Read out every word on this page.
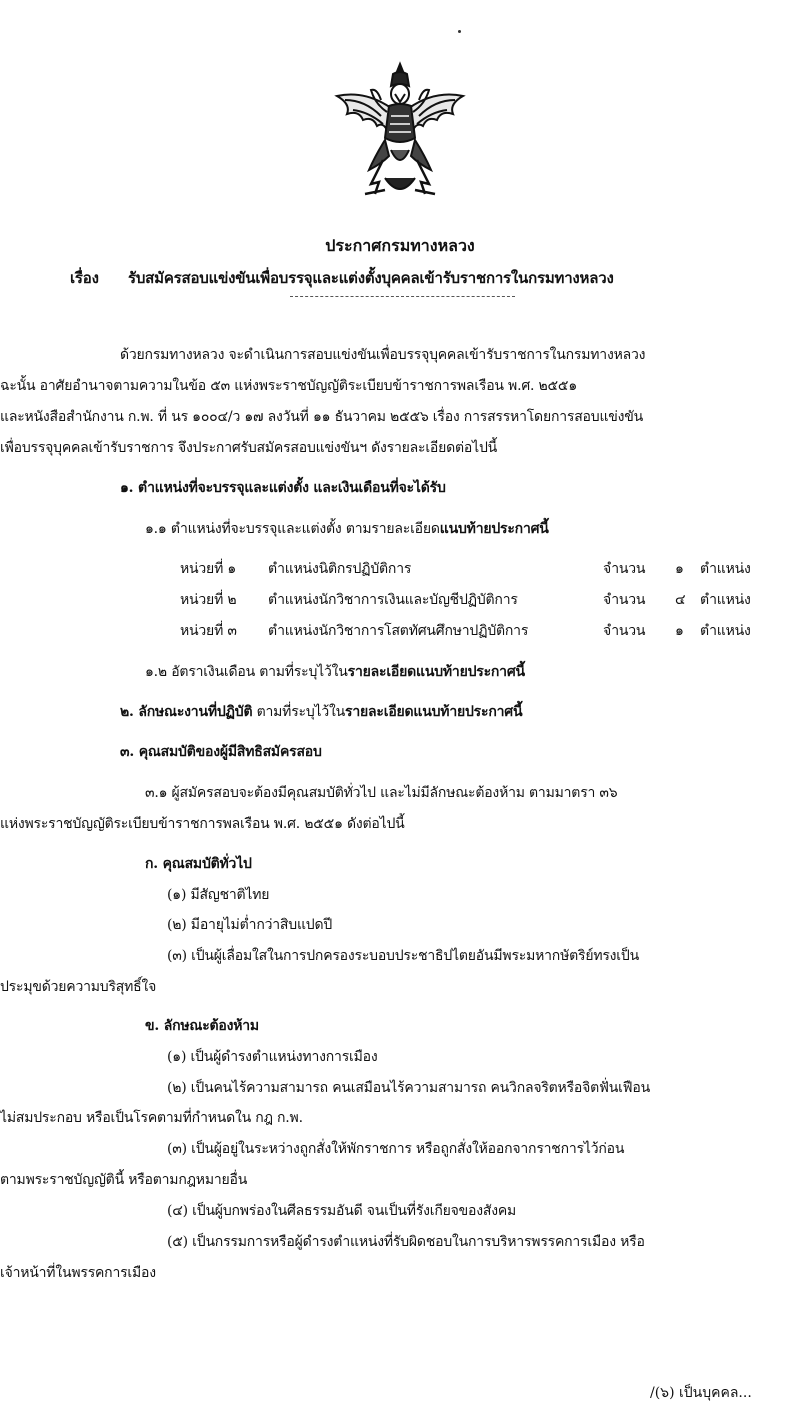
ประกาศกรมทางหลวง
เรื่อง รับสมัครสอบแข่งขันเพื่อบรรจุและแต่งตั้งบุคคลเข้ารับราชการในกรมทางหลวง
ด้วยกรมทางหลวง จะดำเนินการสอบแข่งขันเพื่อบรรจุบุคคลเข้ารับราชการในกรมทางหลวง
ฉะนั้น อาศัยอำนาจตามความในข้อ ๕๓ แห่งพระราชบัญญัติระเบียบข้าราชการพลเรือน พ.ศ. ๒๕๕๑
และหนังสือสำนักงาน ก.พ. ที่ นร ๑๐๐๔/ว ๑๗ ลงวันที่ ๑๑ ธันวาคม ๒๕๕๖ เรื่อง การสรรหาโดยการสอบแข่งขัน
เพื่อบรรจุบุคคลเข้ารับราชการ จึงประกาศรับสมัครสอบแข่งขันฯ ดังรายละเอียดต่อไปนี้
๑. ตำแหน่งที่จะบรรจุและแต่งตั้ง และเงินเดือนที่จะได้รับ
๑.๑ ตำแหน่งที่จะบรรจุและแต่งตั้ง ตามรายละเอียดแนบท้ายประกาศนี้
หน่วยที่ ๑ ตำแหน่งนิติกรปฏิบัติการ	จำนวน ๑ ตำแหน่ง
หน่วยที่ ๒ ตำแหน่งนักวิชาการเงินและบัญชีปฏิบัติการ	จำนวน ๔ ตำแหน่ง
หน่วยที่ ๓ ตำแหน่งนักวิชาการโสตทัศนศึกษาปฏิบัติการ	จำนวน ๑ ตำแหน่ง
๑.๒ อัตราเงินเดือน ตามที่ระบุไว้ในรายละเอียดแนบท้ายประกาศนี้
๒. ลักษณะงานที่ปฏิบัติ ตามที่ระบุไว้ในรายละเอียดแนบท้ายประกาศนี้
๓. คุณสมบัติของผู้มีสิทธิสมัครสอบ
๓.๑ ผู้สมัครสอบจะต้องมีคุณสมบัติทั่วไป และไม่มีลักษณะต้องห้าม ตามมาตรา ๓๖
แห่งพระราชบัญญัติระเบียบข้าราชการพลเรือน พ.ศ. ๒๕๕๑ ดังต่อไปนี้
ก. คุณสมบัติทั่วไป
(๑) มีสัญชาติไทย
(๒) มีอายุไม่ต่ำกว่าสิบแปดปี
(๓) เป็นผู้เลื่อมใสในการปกครองระบอบประชาธิปไตยอันมีพระมหากษัตริย์ทรงเป็น
ประมุขด้วยความบริสุทธิ์ใจ
ข. ลักษณะต้องห้าม
(๑) เป็นผู้ดำรงตำแหน่งทางการเมือง
(๒) เป็นคนไร้ความสามารถ คนเสมือนไร้ความสามารถ คนวิกลจริตหรือจิตฟั่นเฟือน
ไม่สมประกอบ หรือเป็นโรคตามที่กำหนดใน กฎ ก.พ.
(๓) เป็นผู้อยู่ในระหว่างถูกสั่งให้พักราชการ หรือถูกสั่งให้ออกจากราชการไว้ก่อน
ตามพระราชบัญญัตินี้ หรือตามกฎหมายอื่น
(๔) เป็นผู้บกพร่องในศีลธรรมอันดี จนเป็นที่รังเกียจของสังคม
(๕) เป็นกรรมการหรือผู้ดำรงตำแหน่งที่รับผิดชอบในการบริหารพรรคการเมือง หรือ
เจ้าหน้าที่ในพรรคการเมือง
/(๖) เป็นบุคคล...
